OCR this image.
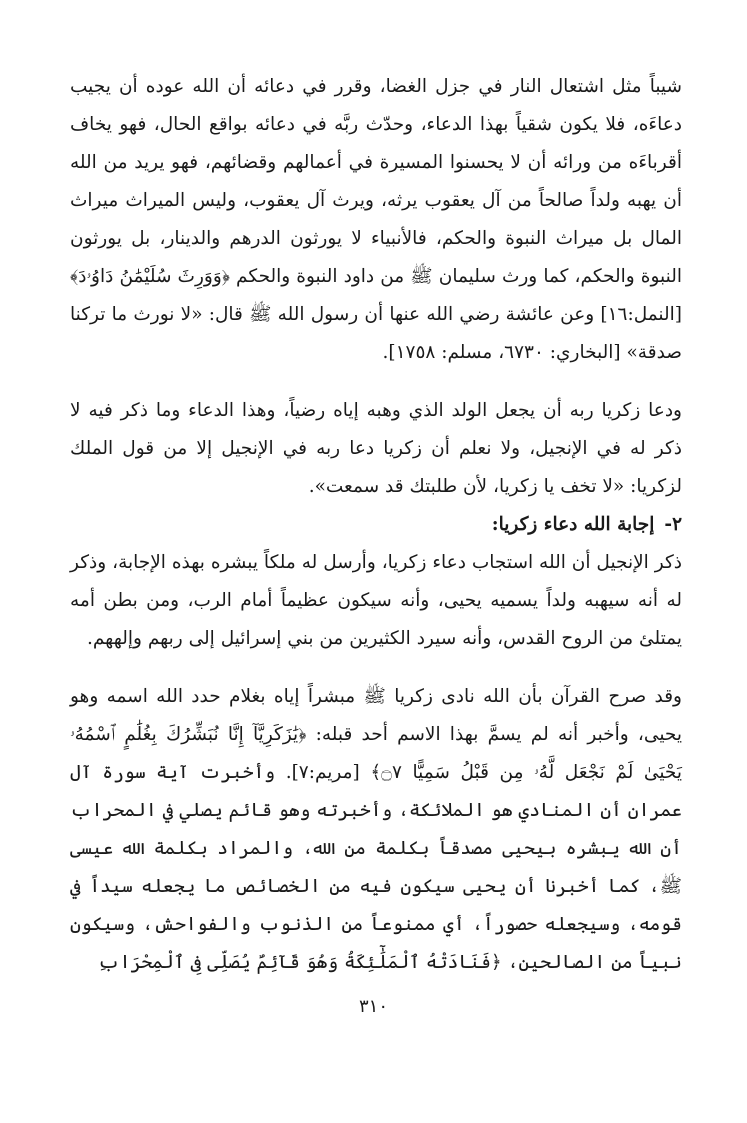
شيباً مثل اشتعال النار في جزل الغضا، وقرر في دعائه أن الله عوده أن يجيب دعاءَه، فلا يكون شقياً بهذا الدعاء، وحدّث ربَّه في دعائه بواقع الحال، فهو يخاف أقرباءَه من ورائه أن لا يحسنوا المسيرة في أعمالهم وقضائهم، فهو يريد من الله أن يهبه ولداً صالحاً من آل يعقوب يرثه، ويرث آل يعقوب، وليس الميراث ميراث المال بل ميراث النبوة والحكم، فالأنبياء لا يورثون الدرهم والدينار، بل يورثون النبوة والحكم، كما ورث سليمان ﷺ من داود النبوة والحكم ﴿وَوَرِثَ سُلَيْمَٰنُ دَاوُۥدَ﴾ [النمل:١٦] وعن عائشة رضي الله عنها أن رسول الله ﷺ قال: «لا نورث ما تركنا صدقة» [البخاري: ٦٧٣٠، مسلم: ١٧٥٨].

ودعا زكريا ربه أن يجعل الولد الذي وهبه إياه رضياً، وهذا الدعاء وما ذكر فيه لا ذكر له في الإنجيل، ولا نعلم أن زكريا دعا ربه في الإنجيل إلا من قول الملك لزكريا: «لا تخف يا زكريا، لأن طلبتك قد سمعت».

٢-إجابة الله دعاء زكريا:

ذكر الإنجيل أن الله استجاب دعاء زكريا، وأرسل له ملكاً يبشره بهذه الإجابة، وذكر له أنه سيهبه ولداً يسميه يحيى، وأنه سيكون عظيماً أمام الرب، ومن بطن أمه يمتلئ من الروح القدس، وأنه سيرد الكثيرين من بني إسرائيل إلى ربهم وإلههم.

وقد صرح القرآن بأن الله نادى زكريا ﷺ مبشراً إياه بغلام حدد الله اسمه وهو يحيى، وأخبر أنه لم يسمَّ بهذا الاسم أحد قبله: ﴿يَٰزَكَرِيَّآ إِنَّا نُبَشِّرُكَ بِغُلَٰمٍ ٱسْمُهُۥ يَحْيَىٰ لَمْ نَجْعَل لَّهُۥ مِن قَبْلُ سَمِيًّا ۝٧﴾ [مريم:٧]. وأخبرت آية سورة آل عمران أن المنادي هو الملائكة، وأخبرته وهو قائم يصلي في المحراب أن الله يبشره بيحيى مصدقاً بكلمة من الله، والمراد بكلمة الله عيسى ﷺ، كما أخبرنا أن يحيى سيكون فيه من الخصائص ما يجعله سيداً في قومه، وسيجعله حصوراً، أي ممنوعاً من الذنوب والفواحش، وسيكون نبياً من الصالحين، ﴿فَنَادَتْهُ ٱلْمَلَٰٓئِكَةُ وَهُوَ قَآئِمٌ يُصَلِّى فِى ٱلْمِحْرَابِ

٣١٠
